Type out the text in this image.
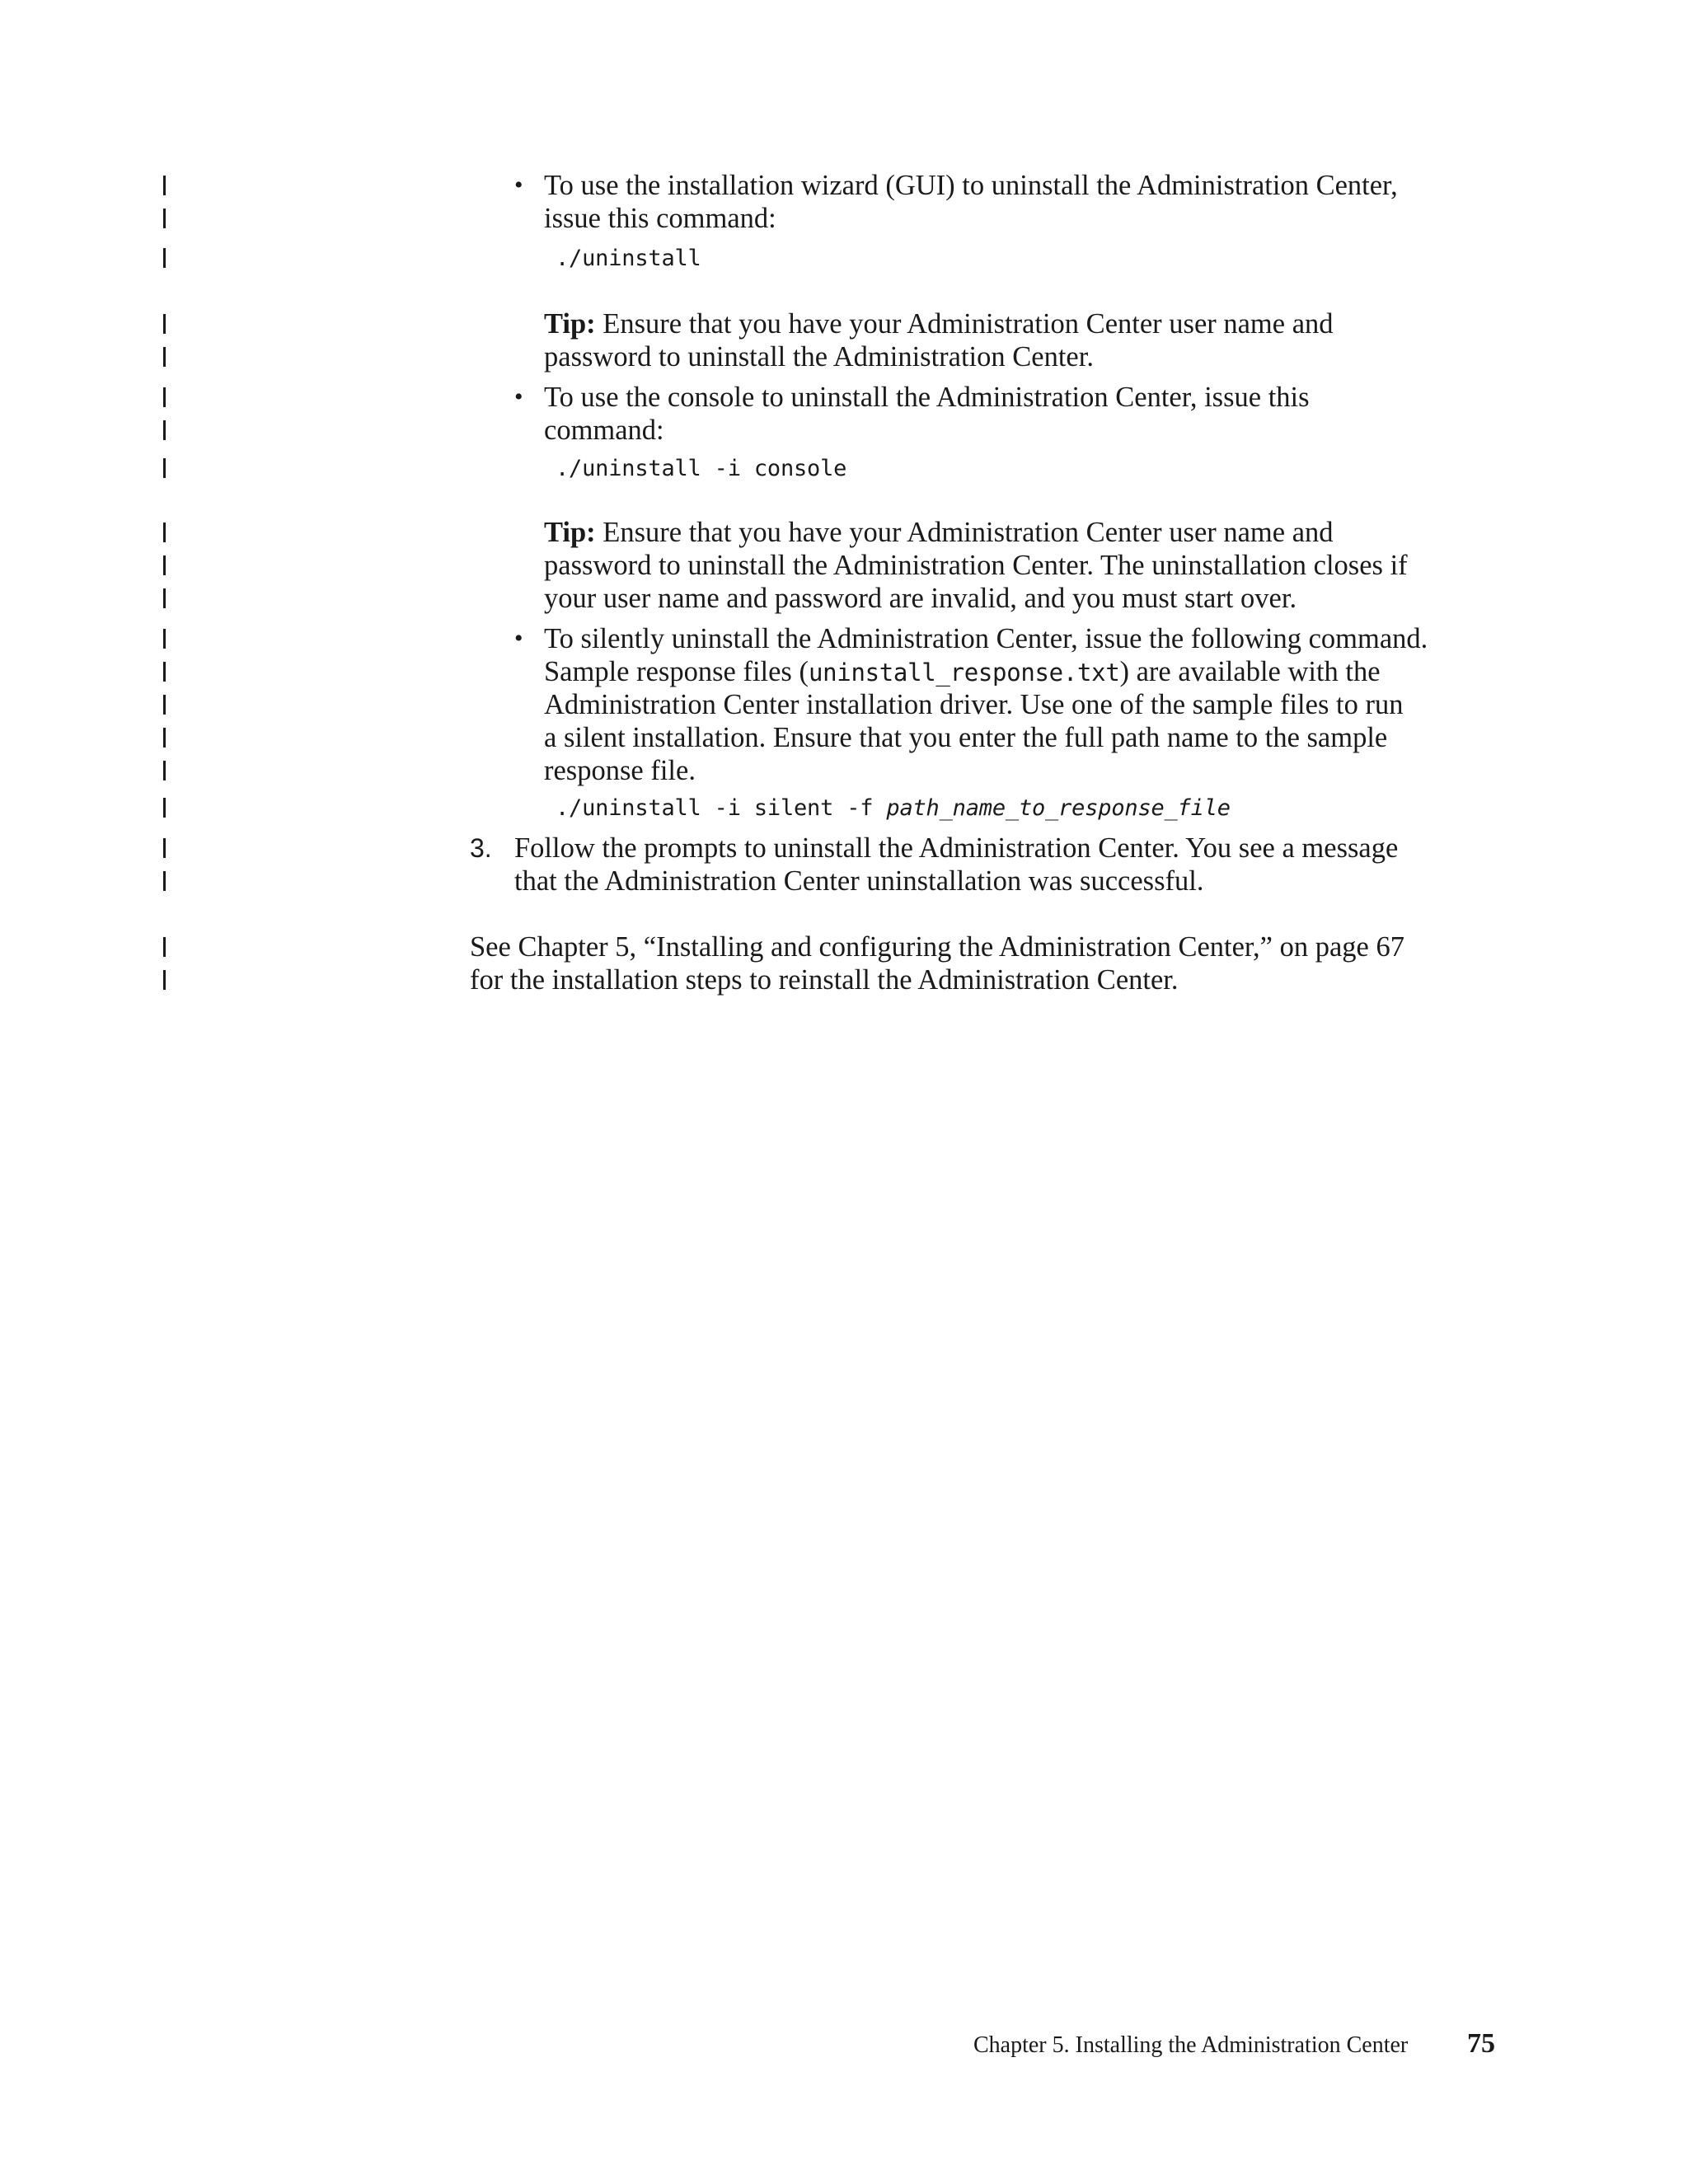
• To use the installation wizard (GUI) to uninstall the Administration Center,
issue this command:
./uninstall
Tip: Ensure that you have your Administration Center user name and
password to uninstall the Administration Center.
• To use the console to uninstall the Administration Center, issue this
command:
./uninstall -i console
Tip: Ensure that you have your Administration Center user name and
password to uninstall the Administration Center. The uninstallation closes if
your user name and password are invalid, and you must start over.
• To silently uninstall the Administration Center, issue the following command.
Sample response files (uninstall_response.txt) are available with the
Administration Center installation driver. Use one of the sample files to run
a silent installation. Ensure that you enter the full path name to the sample
response file.
./uninstall -i silent -f path_name_to_response_file
3. Follow the prompts to uninstall the Administration Center. You see a message
that the Administration Center uninstallation was successful.
See Chapter 5, “Installing and configuring the Administration Center,” on page 67
for the installation steps to reinstall the Administration Center.
Chapter 5. Installing the Administration Center 75
